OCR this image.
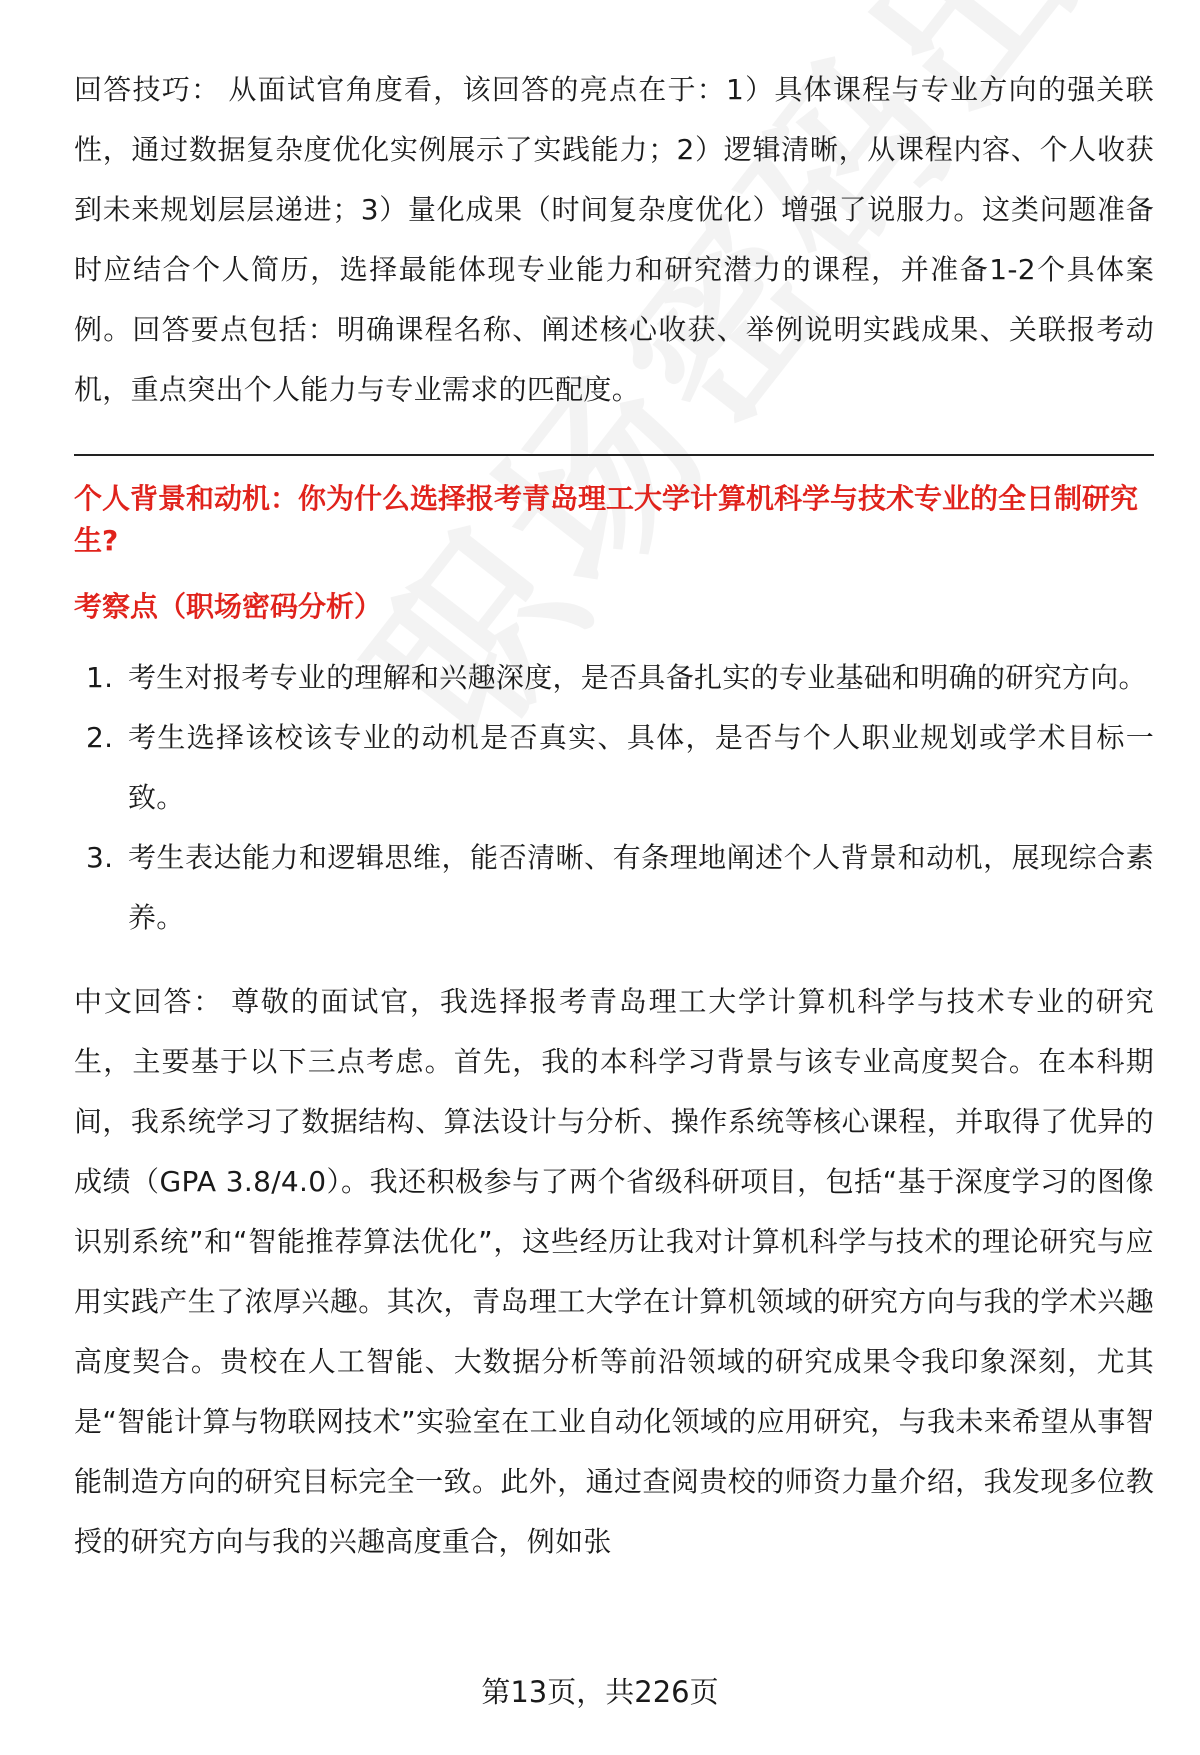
回答技巧： 从面试官角度看，该回答的亮点在于：1）具体课程与专业方向的强关联性，通过数据复杂度优化实例展示了实践能力；2）逻辑清晰，从课程内容、个人收获到未来规划层层递进；3）量化成果（时间复杂度优化）增强了说服力。这类问题准备时应结合个人简历，选择最能体现专业能力和研究潜力的课程，并准备1-2个具体案例。回答要点包括：明确课程名称、阐述核心收获、举例说明实践成果、关联报考动机，重点突出个人能力与专业需求的匹配度。

个人背景和动机：你为什么选择报考青岛理工大学计算机科学与技术专业的全日制研究生?

考察点（职场密码分析）

1. 考生对报考专业的理解和兴趣深度，是否具备扎实的专业基础和明确的研究方向。
2. 考生选择该校该专业的动机是否真实、具体，是否与个人职业规划或学术目标一致。
3. 考生表达能力和逻辑思维，能否清晰、有条理地阐述个人背景和动机，展现综合素养。

中文回答： 尊敬的面试官，我选择报考青岛理工大学计算机科学与技术专业的研究生，主要基于以下三点考虑。首先，我的本科学习背景与该专业高度契合。在本科期间，我系统学习了数据结构、算法设计与分析、操作系统等核心课程，并取得了优异的成绩（GPA 3.8/4.0）。我还积极参与了两个省级科研项目，包括“基于深度学习的图像识别系统”和“智能推荐算法优化”，这些经历让我对计算机科学与技术的理论研究与应用实践产生了浓厚兴趣。其次，青岛理工大学在计算机领域的研究方向与我的学术兴趣高度契合。贵校在人工智能、大数据分析等前沿领域的研究成果令我印象深刻，尤其是“智能计算与物联网技术”实验室在工业自动化领域的应用研究，与我未来希望从事智能制造方向的研究目标完全一致。此外，通过查阅贵校的师资力量介绍，我发现多位教授的研究方向与我的兴趣高度重合，例如张

第13页，共226页
